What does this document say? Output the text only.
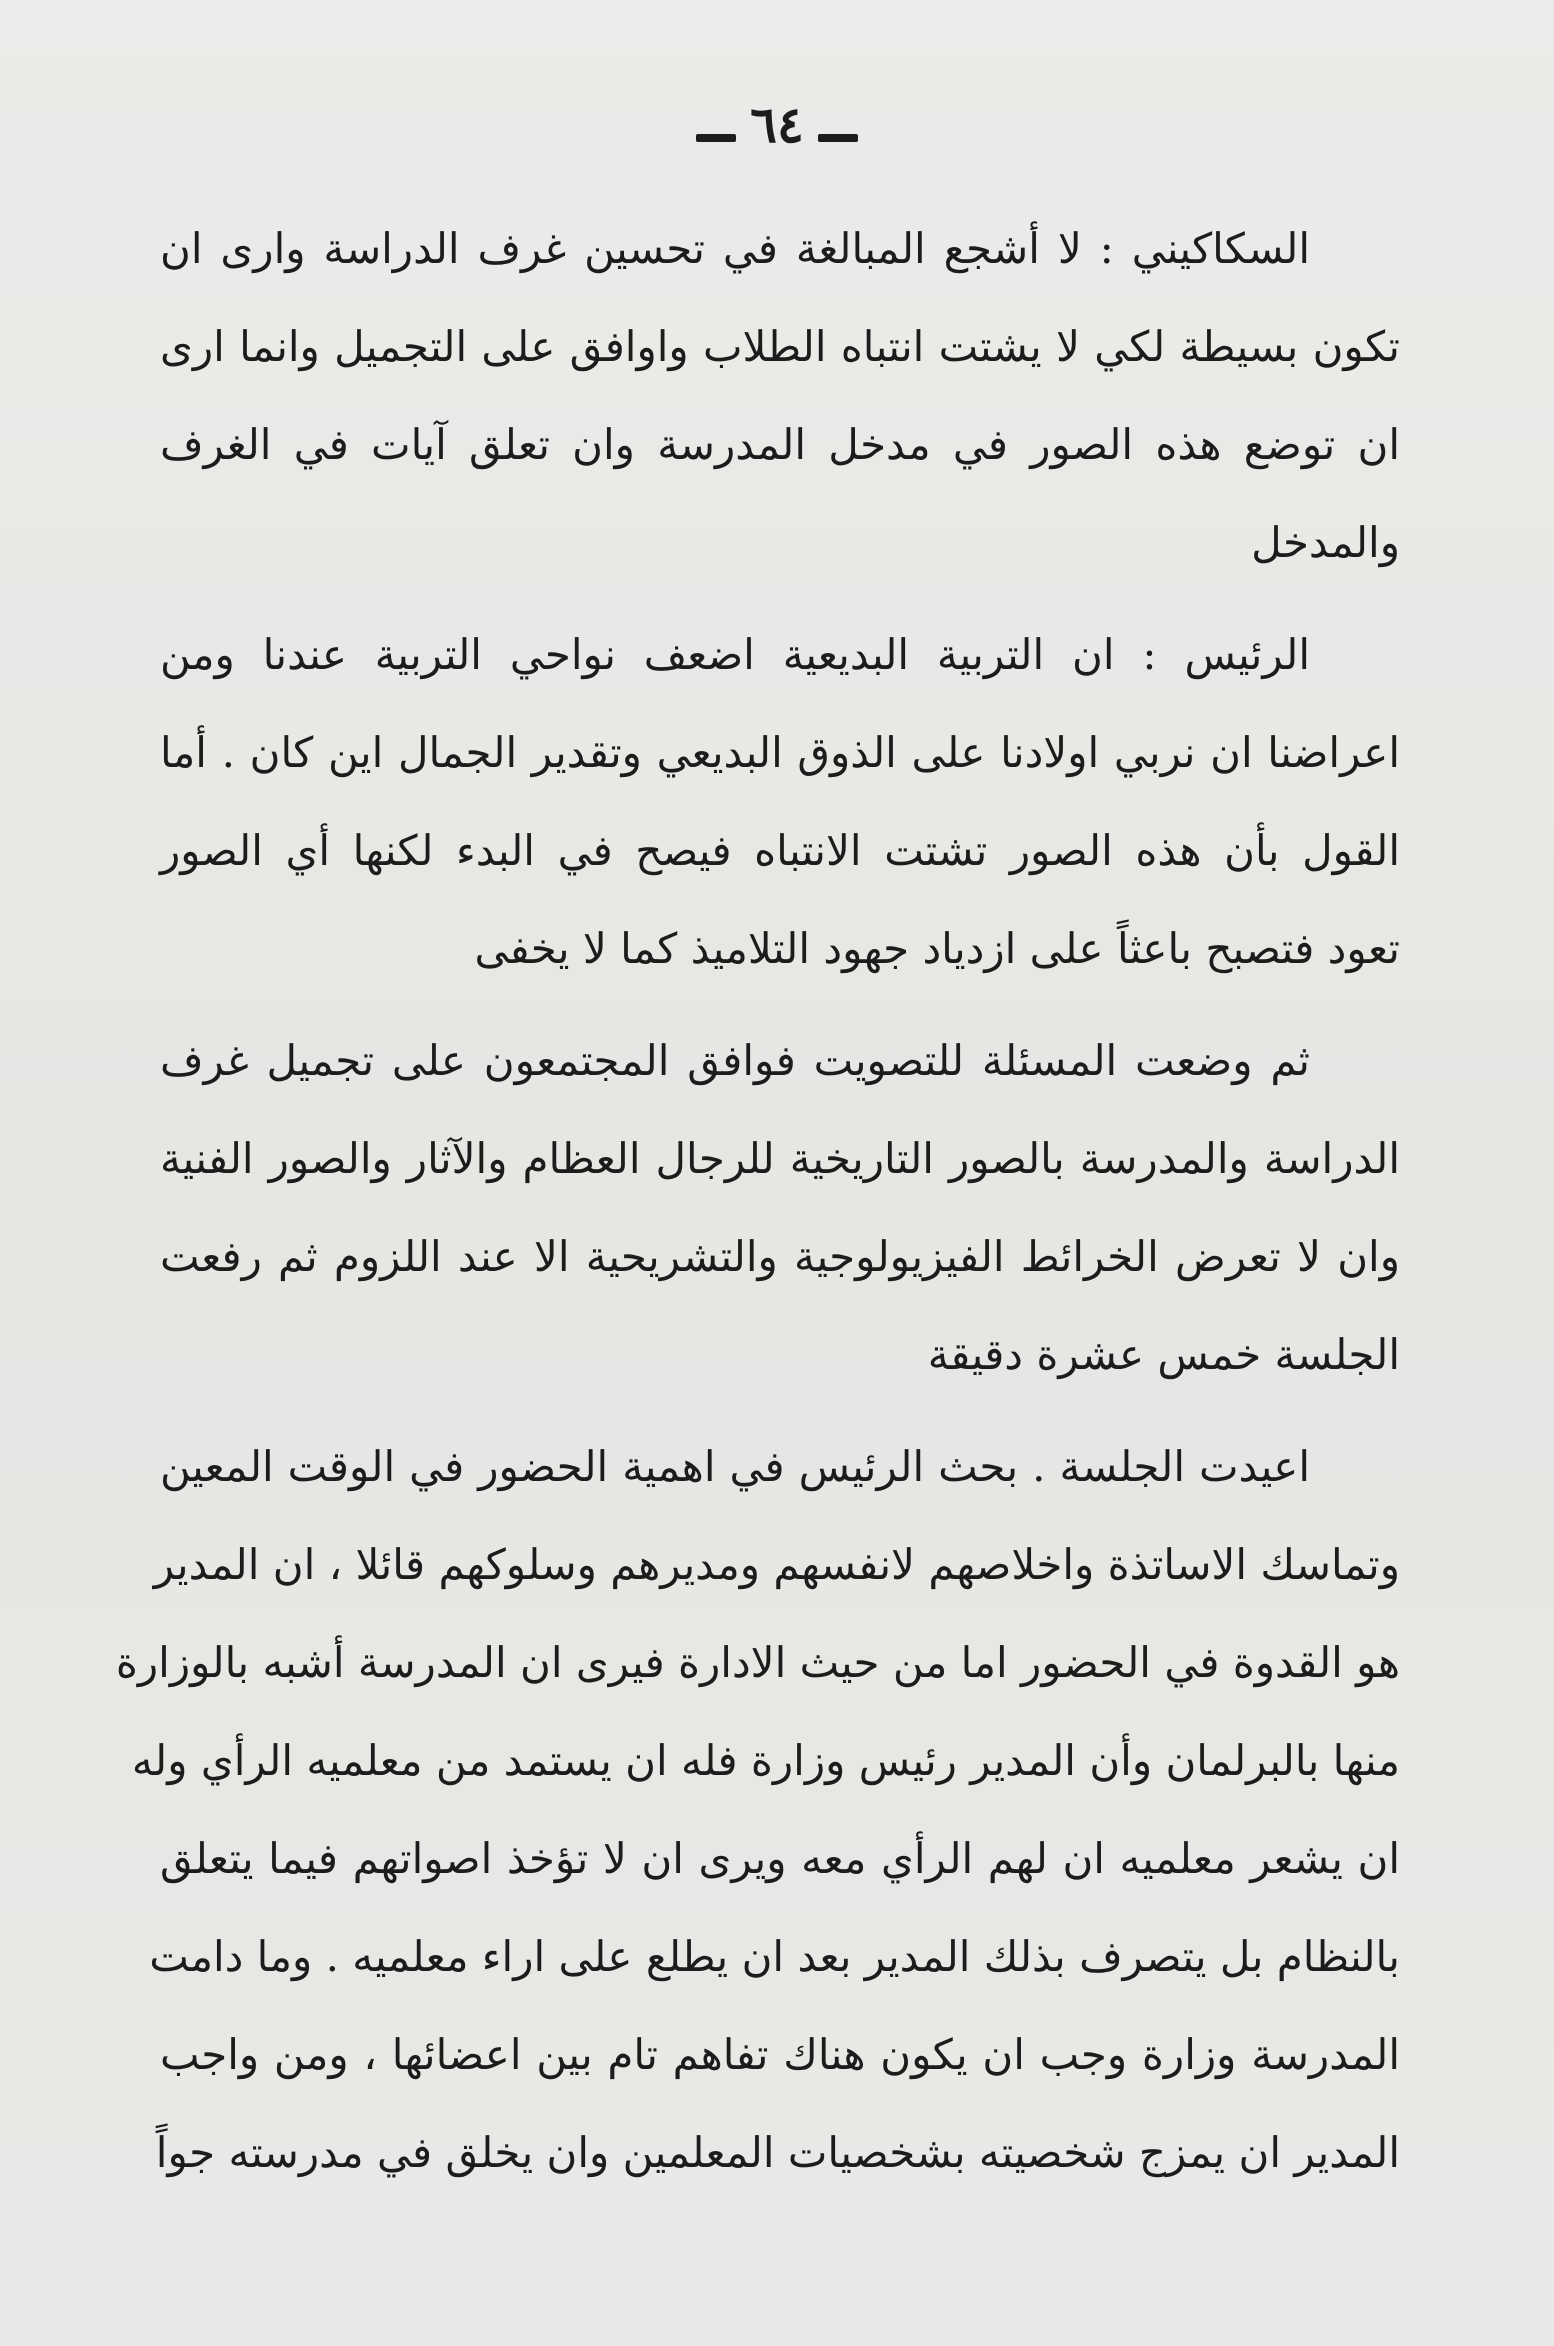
٦٤
السكاكيني : لا أشجع المبالغة في تحسين غرف الدراسة وارى ان
تكون بسيطة لكي لا يشتت انتباه الطلاب واوافق على التجميل وانما ارى
ان توضع هذه الصور في مدخل المدرسة وان تعلق آيات في الغرف
والمدخل
الرئيس : ان التربية البديعية اضعف نواحي التربية عندنا ومن
اعراضنا ان نربي اولادنا على الذوق البديعي وتقدير الجمال اين كان . أما
القول بأن هذه الصور تشتت الانتباه فيصح في البدء لكنها أي الصور
تعود فتصبح باعثاً على ازدياد جهود التلاميذ كما لا يخفى
ثم وضعت المسئلة للتصويت فوافق المجتمعون على تجميل غرف
الدراسة والمدرسة بالصور التاريخية للرجال العظام والآثار والصور الفنية
وان لا تعرض الخرائط الفيزيولوجية والتشريحية الا عند اللزوم ثم رفعت
الجلسة خمس عشرة دقيقة
اعيدت الجلسة . بحث الرئيس في اهمية الحضور في الوقت المعين
وتماسك الاساتذة واخلاصهم لانفسهم ومديرهم وسلوكهم قائلا ، ان المدير
هو القدوة في الحضور اما من حيث الادارة فيرى ان المدرسة أشبه بالوزارة
منها بالبرلمان وأن المدير رئيس وزارة فله ان يستمد من معلميه الرأي وله
ان يشعر معلميه ان لهم الرأي معه ويرى ان لا تؤخذ اصواتهم فيما يتعلق
بالنظام بل يتصرف بذلك المدير بعد ان يطلع على اراء معلميه . وما دامت
المدرسة وزارة وجب ان يكون هناك تفاهم تام بين اعضائها ، ومن واجب
المدير ان يمزج شخصيته بشخصيات المعلمين وان يخلق في مدرسته جواً
